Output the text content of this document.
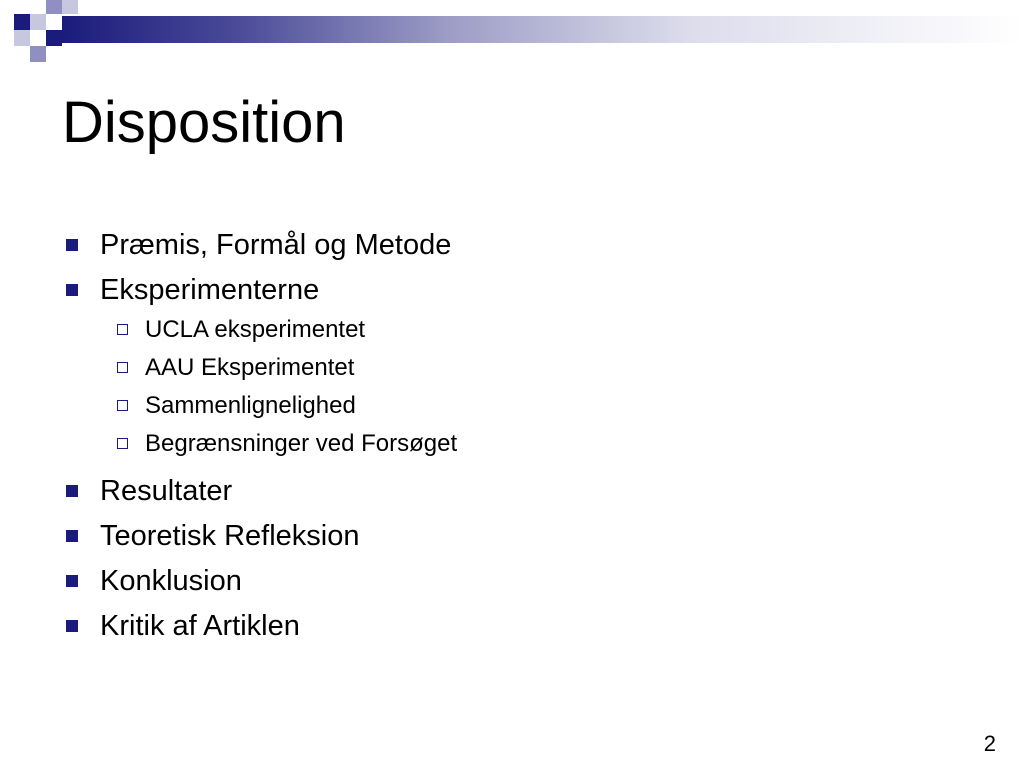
Disposition
Præmis, Formål og Metode
Eksperimenterne
UCLA eksperimentet
AAU Eksperimentet
Sammenlignelighed
Begrænsninger ved Forsøget
Resultater
Teoretisk Refleksion
Konklusion
Kritik af Artiklen
2
